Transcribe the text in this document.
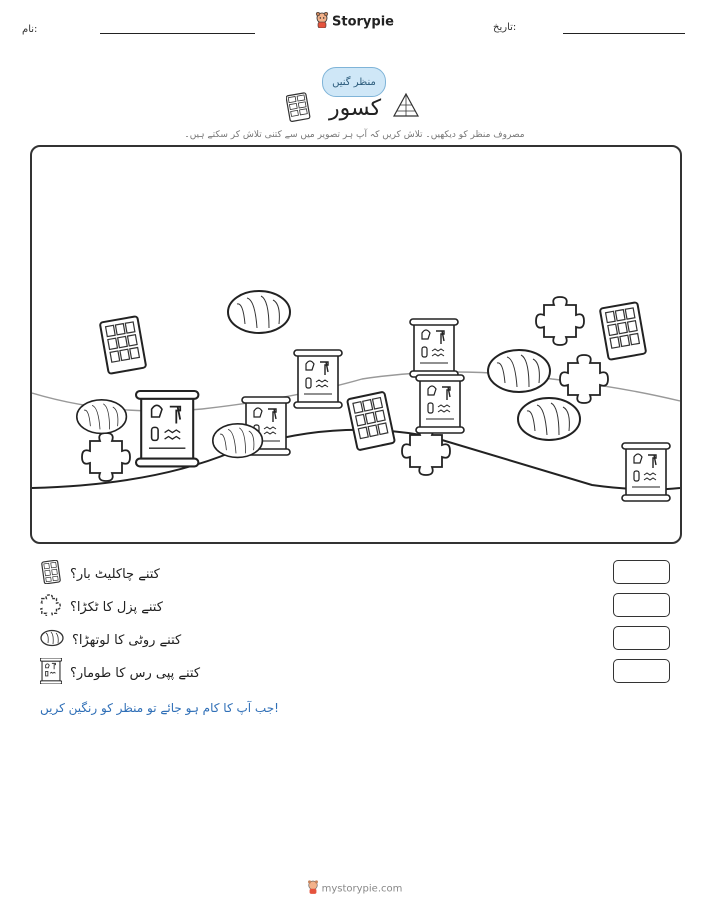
نام:	تاریخ:
Storypie
منظر گنیں
کسور
مصروف منظر کو دیکھیں۔ تلاش کریں کہ آپ ہر تصویر میں سے کتنی تلاش کر سکتے ہیں۔
کتنے چاکلیٹ بار؟
کتنے پزل کا ٹکڑا؟
کتنے روٹی کا لوتھڑا؟
کتنے پپی رس کا طومار؟
جب آپ کا کام ہو جائے تو منظر کو رنگین کریں!
mystorypie.com
